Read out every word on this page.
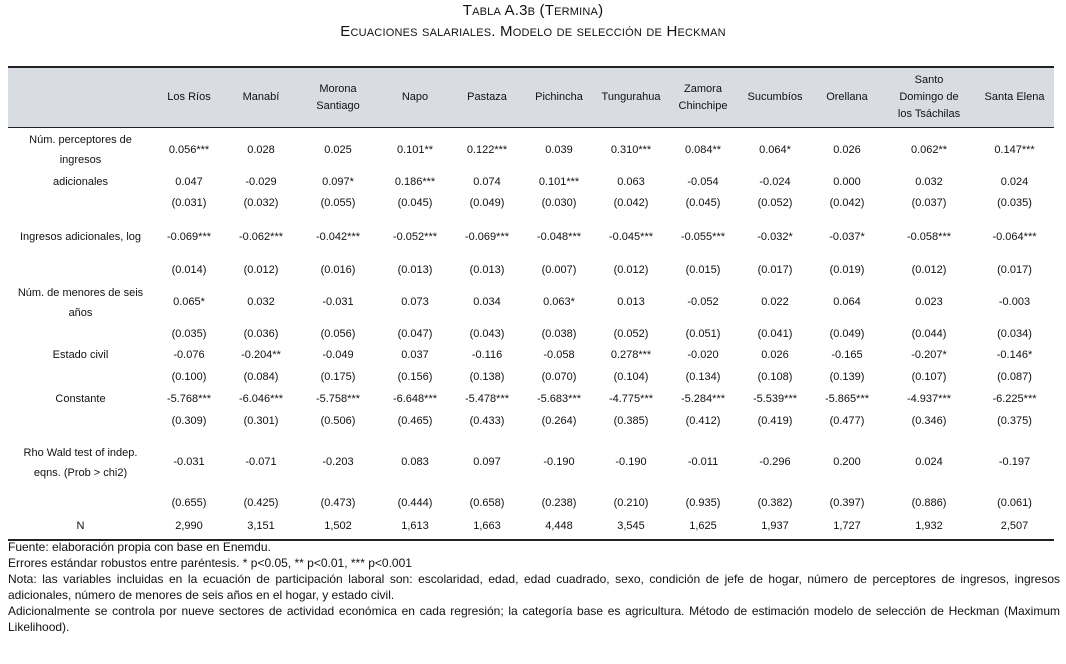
Tabla A.3b (Termina)
Ecuaciones salariales. Modelo de selección de Heckman
	Los Ríos	Manabí	Morona Santiago	Napo	Pastaza	Pichincha	Tungurahua	Zamora Chinchipe	Sucumbíos	Orellana	Santo Domingo de los Tsáchilas	Santa Elena
Núm. perceptores de ingresos	0.056***	0.028	0.025	0.101**	0.122***	0.039	0.310***	0.084**	0.064*	0.026	0.062**	0.147***
adicionales	0.047	-0.029	0.097*	0.186***	0.074	0.101***	0.063	-0.054	-0.024	0.000	0.032	0.024
	(0.031)	(0.032)	(0.055)	(0.045)	(0.049)	(0.030)	(0.042)	(0.045)	(0.052)	(0.042)	(0.037)	(0.035)
Ingresos adicionales, log	-0.069***	-0.062***	-0.042***	-0.052***	-0.069***	-0.048***	-0.045***	-0.055***	-0.032*	-0.037*	-0.058***	-0.064***
	(0.014)	(0.012)	(0.016)	(0.013)	(0.013)	(0.007)	(0.012)	(0.015)	(0.017)	(0.019)	(0.012)	(0.017)
Núm. de menores de seis años	0.065*	0.032	-0.031	0.073	0.034	0.063*	0.013	-0.052	0.022	0.064	0.023	-0.003
	(0.035)	(0.036)	(0.056)	(0.047)	(0.043)	(0.038)	(0.052)	(0.051)	(0.041)	(0.049)	(0.044)	(0.034)
Estado civil	-0.076	-0.204**	-0.049	0.037	-0.116	-0.058	0.278***	-0.020	0.026	-0.165	-0.207*	-0.146*
	(0.100)	(0.084)	(0.175)	(0.156)	(0.138)	(0.070)	(0.104)	(0.134)	(0.108)	(0.139)	(0.107)	(0.087)
Constante	-5.768***	-6.046***	-5.758***	-6.648***	-5.478***	-5.683***	-4.775***	-5.284***	-5.539***	-5.865***	-4.937***	-6.225***
	(0.309)	(0.301)	(0.506)	(0.465)	(0.433)	(0.264)	(0.385)	(0.412)	(0.419)	(0.477)	(0.346)	(0.375)
Rho Wald test of indep. eqns. (Prob > chi2)	-0.031	-0.071	-0.203	0.083	0.097	-0.190	-0.190	-0.011	-0.296	0.200	0.024	-0.197
	(0.655)	(0.425)	(0.473)	(0.444)	(0.658)	(0.238)	(0.210)	(0.935)	(0.382)	(0.397)	(0.886)	(0.061)
N	2,990	3,151	1,502	1,613	1,663	4,448	3,545	1,625	1,937	1,727	1,932	2,507

Fuente: elaboración propia con base en Enemdu.

Errores estándar robustos entre paréntesis. * p<0.05, ** p<0.01, *** p<0.001

Nota: las variables incluidas en la ecuación de participación laboral son: escolaridad, edad, edad cuadrado, sexo, condición de jefe de hogar, número de perceptores de ingresos, ingresos adicionales, número de menores de seis años en el hogar, y estado civil.

Adicionalmente se controla por nueve sectores de actividad económica en cada regresión; la categoría base es agricultura. Método de estimación modelo de selección de Heckman (Maximum Likelihood).
